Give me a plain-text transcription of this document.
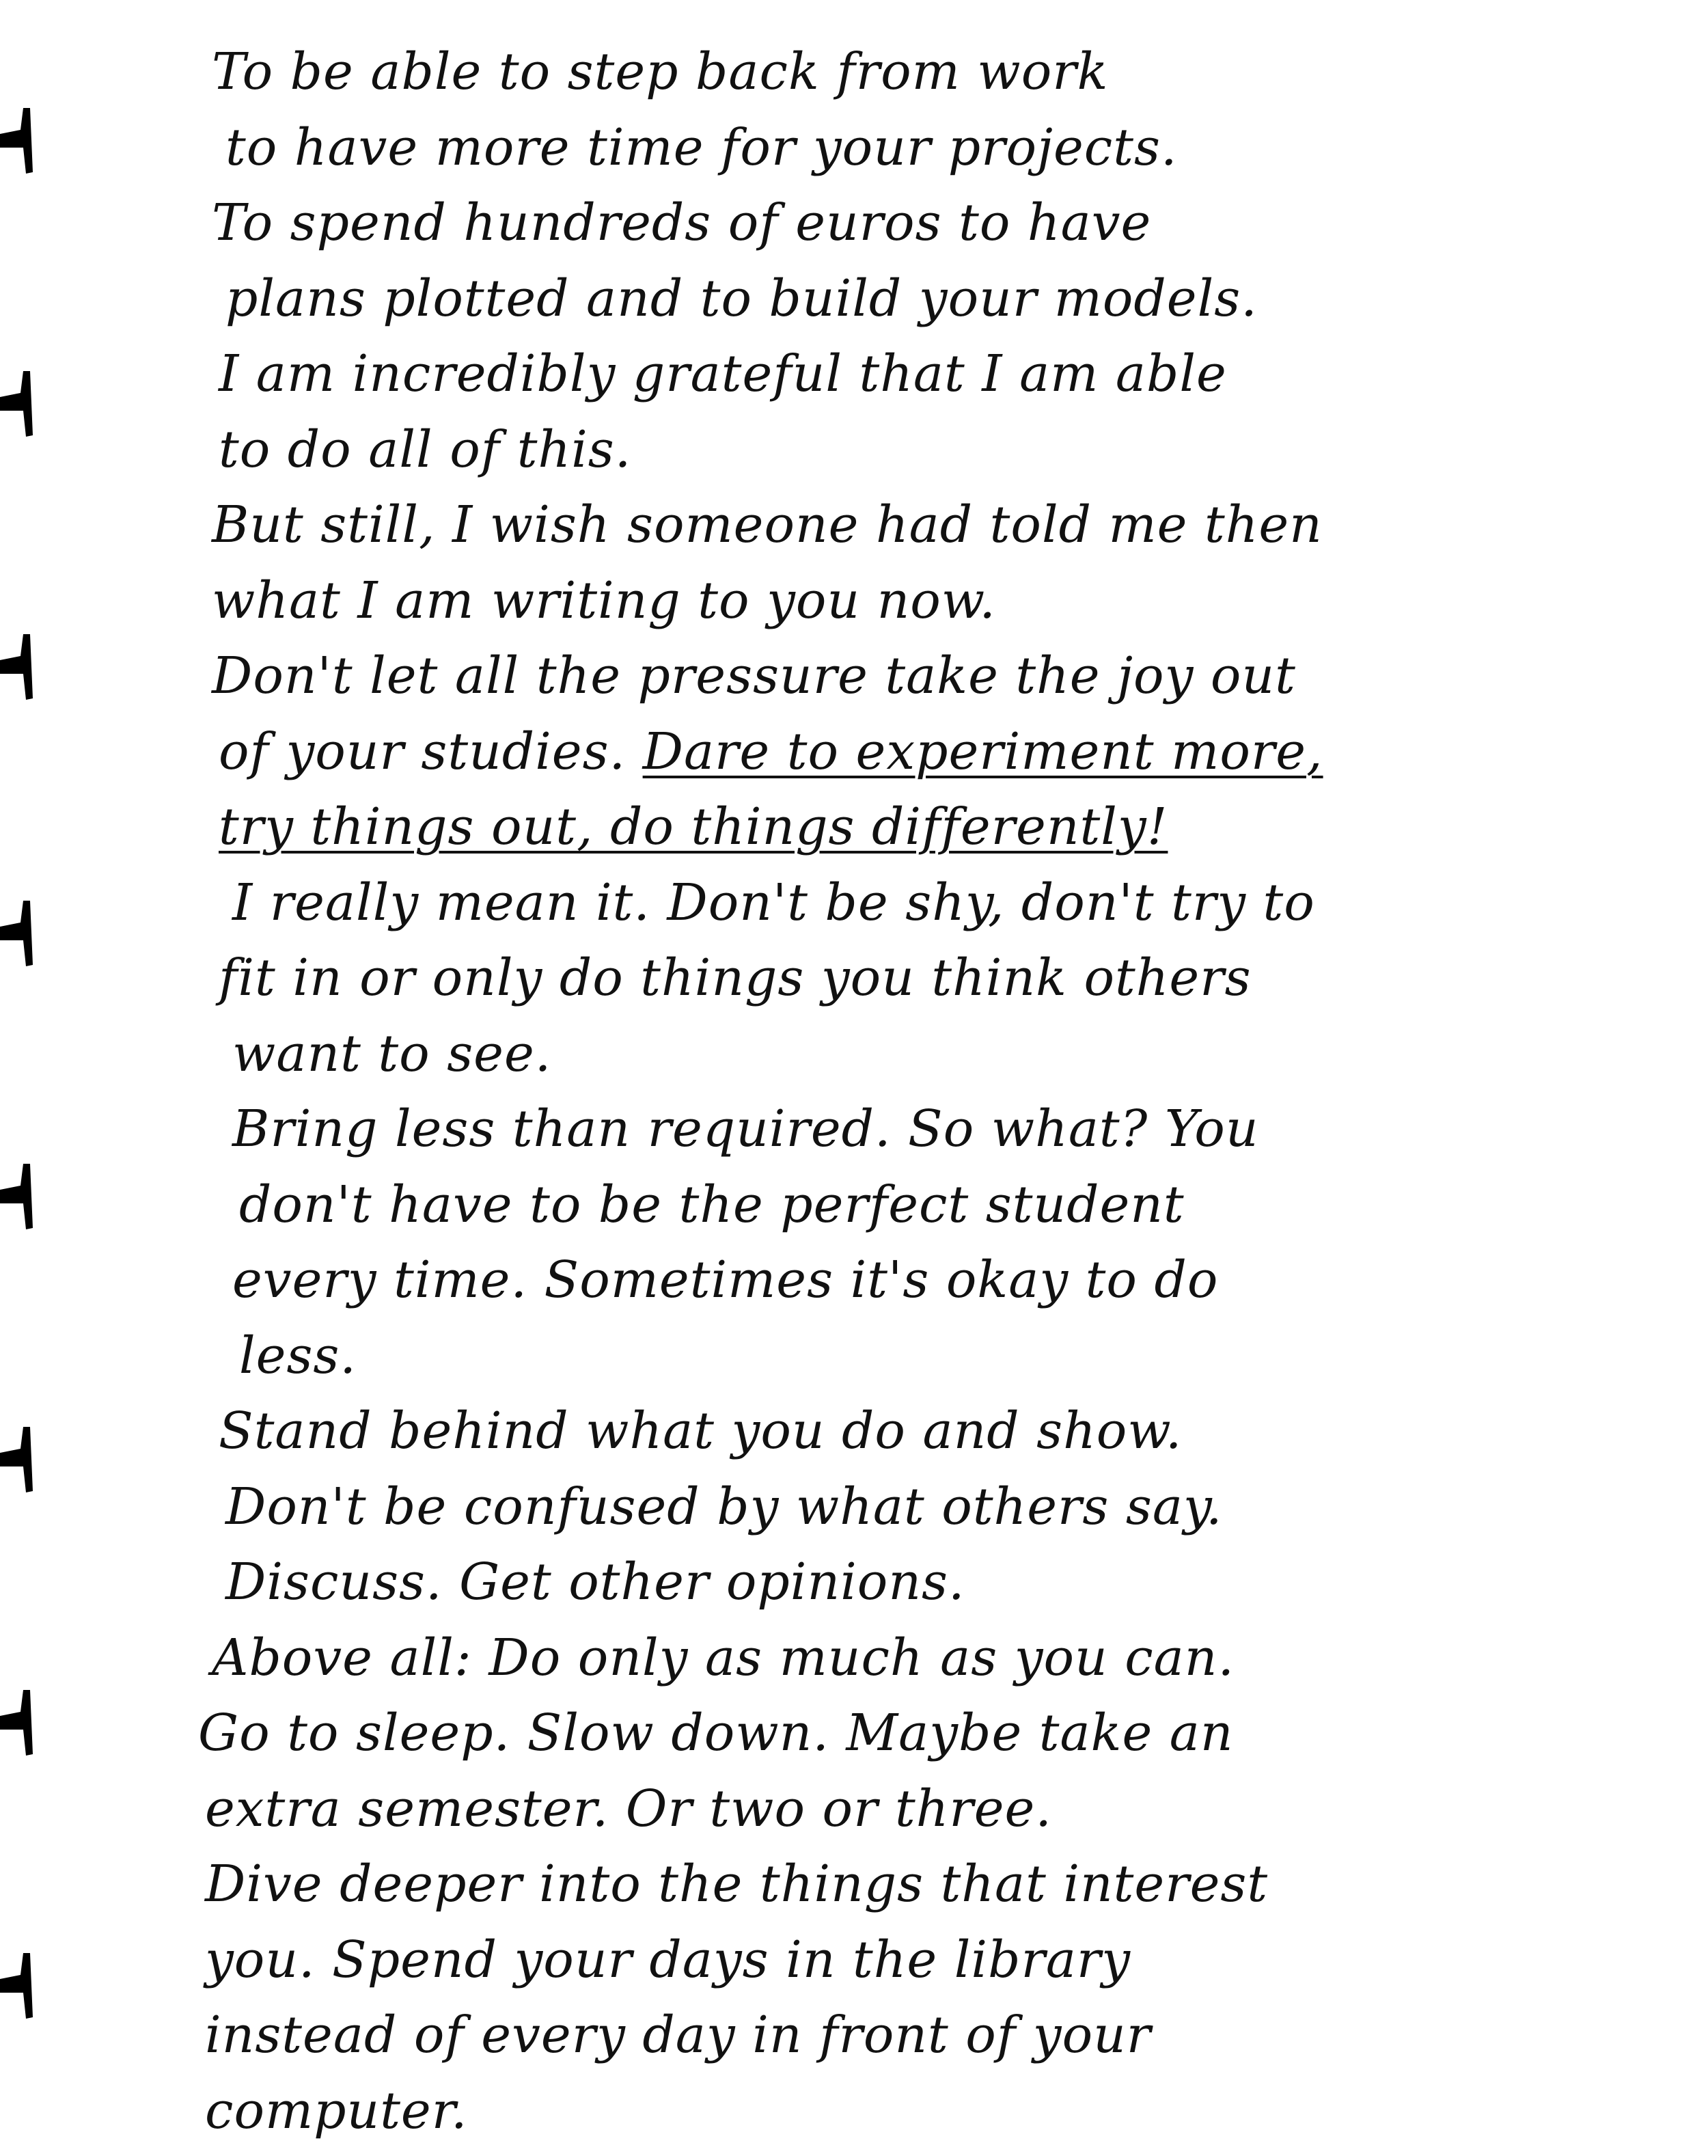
To be able to step back from work
to have more time for your projects.
To spend hundreds of euros to have
plans plotted and to build your models.
I am incredibly grateful that I am able
to do all of this.
But still, I wish someone had told me then
what I am writing to you now.
Don't let all the pressure take the joy out
of your studies. Dare to experiment more,
try things out, do things differently!
I really mean it. Don't be shy, don't try to
fit in or only do things you think others
want to see.
Bring less than required. So what? You
don't have to be the perfect student
every time. Sometimes it's okay to do
less.
Stand behind what you do and show.
Don't be confused by what others say.
Discuss. Get other opinions.
Above all: Do only as much as you can.
Go to sleep. Slow down. Maybe take an
extra semester. Or two or three.
Dive deeper into the things that interest
you. Spend your days in the library
instead of every day in front of your
computer.
